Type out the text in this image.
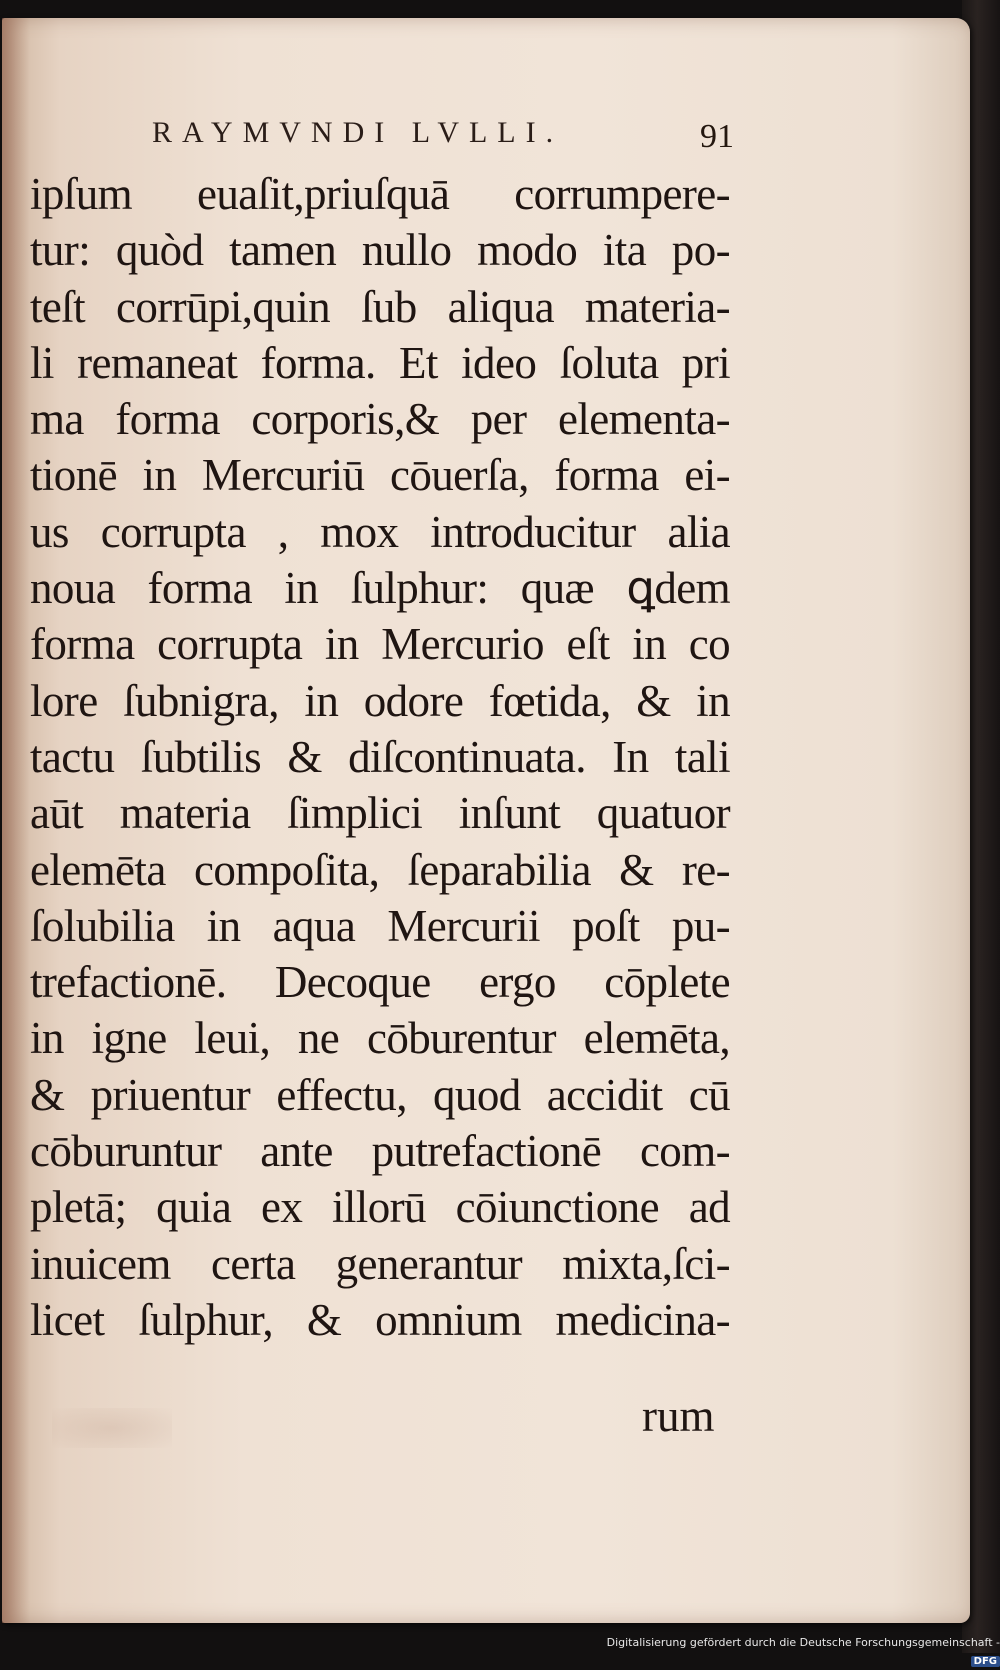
RAYMVNDI LVLLI.	91
ipſum euaſit,priuſquā corrumpere-
tur: quòd tamen nullo modo ita po-
teſt corrūpi,quin ſub aliqua materia-
li remaneat forma. Et ideo ſoluta pri
ma forma corporis,& per elementa-
tionē in Mercuriū cōuerſa, forma ei-
us corrupta , mox introducitur alia
noua forma in ſulphur: quæ ꝗdem
forma corrupta in Mercurio eſt in co
lore ſubnigra, in odore fœtida, & in
tactu ſubtilis & diſcontinuata. In tali
aūt materia ſimplici inſunt quatuor
elemēta compoſita, ſeparabilia & re-
ſolubilia in aqua Mercurii poſt pu-
trefactionē. Decoque ergo cōplete
in igne leui, ne cōburentur elemēta,
& priuentur effectu, quod accidit cū
cōburuntur ante putrefactionē com-
pletā; quia ex illorū cōiunctione ad
inuicem certa generantur mixta,ſci-
licet ſulphur, & omnium medicina-
rum
Digitalisierung gefördert durch die Deutsche Forschungsgemeinschaft - DFG
